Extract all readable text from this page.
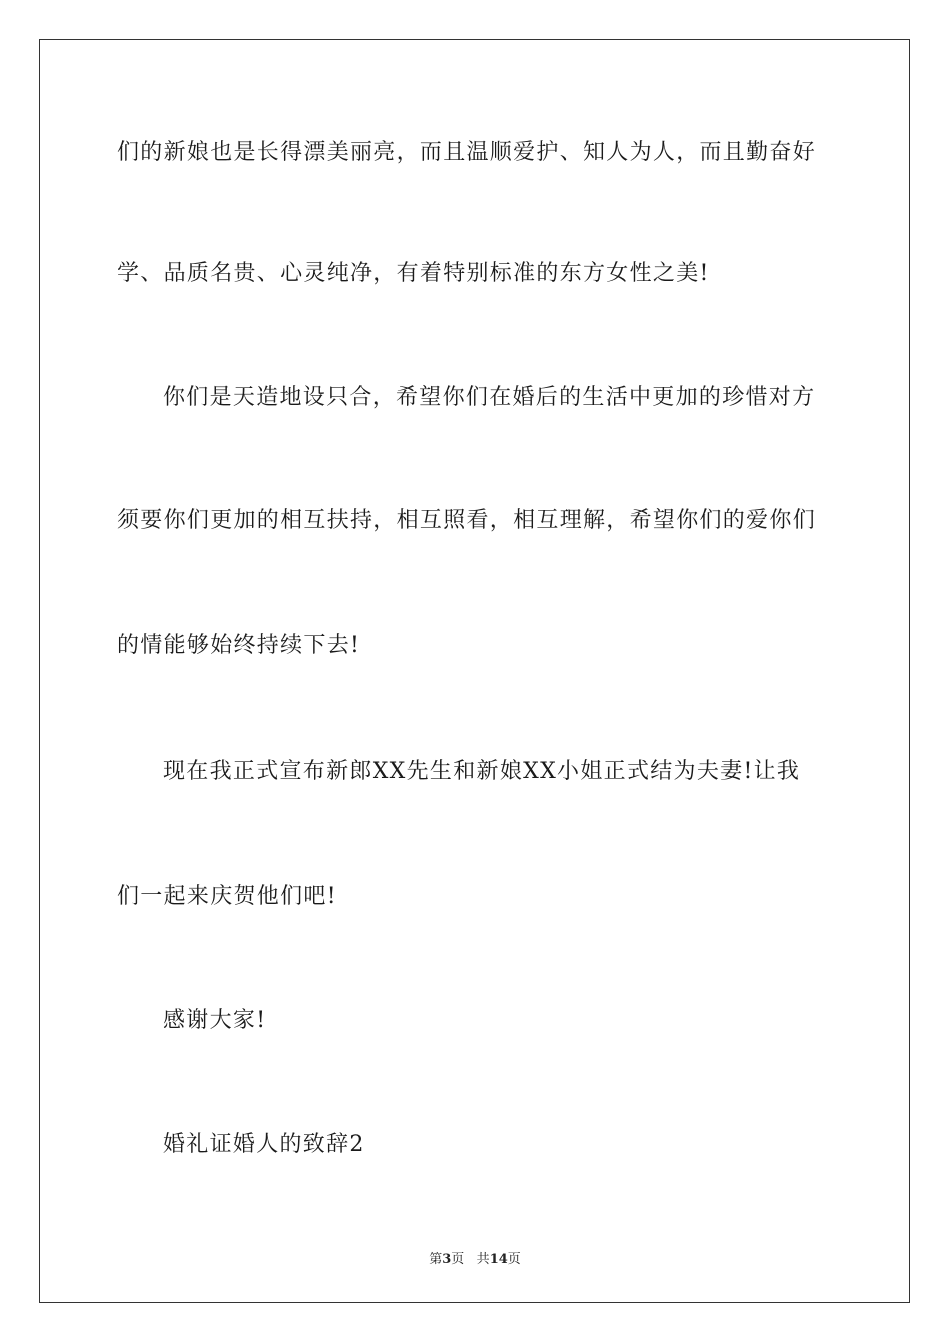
们的新娘也是长得漂美丽亮，而且温顺爱护、知人为人，而且勤奋好
学、品质名贵、心灵纯净，有着特别标准的东方女性之美!
你们是天造地设只合，希望你们在婚后的生活中更加的珍惜对方
须要你们更加的相互扶持，相互照看，相互理解，希望你们的爱你们
的情能够始终持续下去!
现在我正式宣布新郎XX先生和新娘XX小姐正式结为夫妻!让我
们一起来庆贺他们吧!
感谢大家!
婚礼证婚人的致辞2
第3页 共14页
